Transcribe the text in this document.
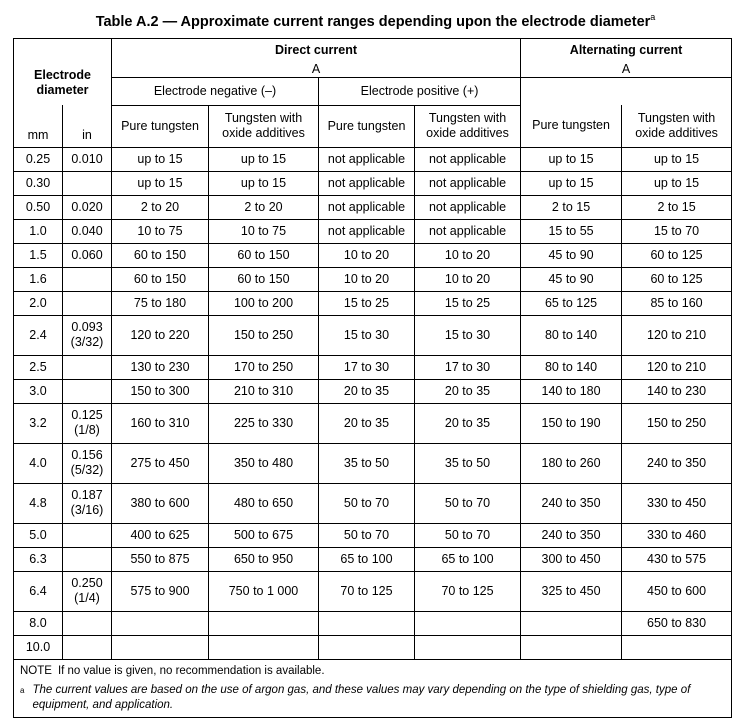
Table A.2 — Approximate current ranges depending upon the electrode diameter$^a$
		Direct current				Alternating current	
Electrode diameter		A				A	
		Electrode negative (–)		Electrode positive (+)			
mm	in	Pure tungsten	Tungsten with oxide additives	Pure tungsten	Tungsten with oxide additives	Pure tungsten	Tungsten with oxide additives
0.25	0.010	up to 15	up to 15	not applicable	not applicable	up to 15	up to 15
0.30		up to 15	up to 15	not applicable	not applicable	up to 15	up to 15
0.50	0.020	2 to 20	2 to 20	not applicable	not applicable	2 to 15	2 to 15
1.0	0.040	10 to 75	10 to 75	not applicable	not applicable	15 to 55	15 to 70
1.5	0.060	60 to 150	60 to 150	10 to 20	10 to 20	45 to 90	60 to 125
1.6		60 to 150	60 to 150	10 to 20	10 to 20	45 to 90	60 to 125
2.0		75 to 180	100 to 200	15 to 25	15 to 25	65 to 125	85 to 160
2.4	0.093
(3/32)	120 to 220	150 to 250	15 to 30	15 to 30	80 to 140	120 to 210
2.5		130 to 230	170 to 250	17 to 30	17 to 30	80 to 140	120 to 210
3.0		150 to 300	210 to 310	20 to 35	20 to 35	140 to 180	140 to 230
3.2	0.125
(1/8)	160 to 310	225 to 330	20 to 35	20 to 35	150 to 190	150 to 250
4.0	0.156
(5/32)	275 to 450	350 to 480	35 to 50	35 to 50	180 to 260	240 to 350
4.8	0.187
(3/16)	380 to 600	480 to 650	50 to 70	50 to 70	240 to 350	330 to 450
5.0		400 to 625	500 to 675	50 to 70	50 to 70	240 to 350	330 to 460
6.3		550 to 875	650 to 950	65 to 100	65 to 100	300 to 450	430 to 575
6.4	0.250
(1/4)	575 to 900	750 to 1 000	70 to 125	70 to 125	325 to 450	450 to 600
8.0							650 to 830
10.0	

NOTE If no value is given, no recommendation is available.
a The current values are based on the use of argon gas, and these values may vary depending on the type of shielding gas, type of equipment, and application.							
